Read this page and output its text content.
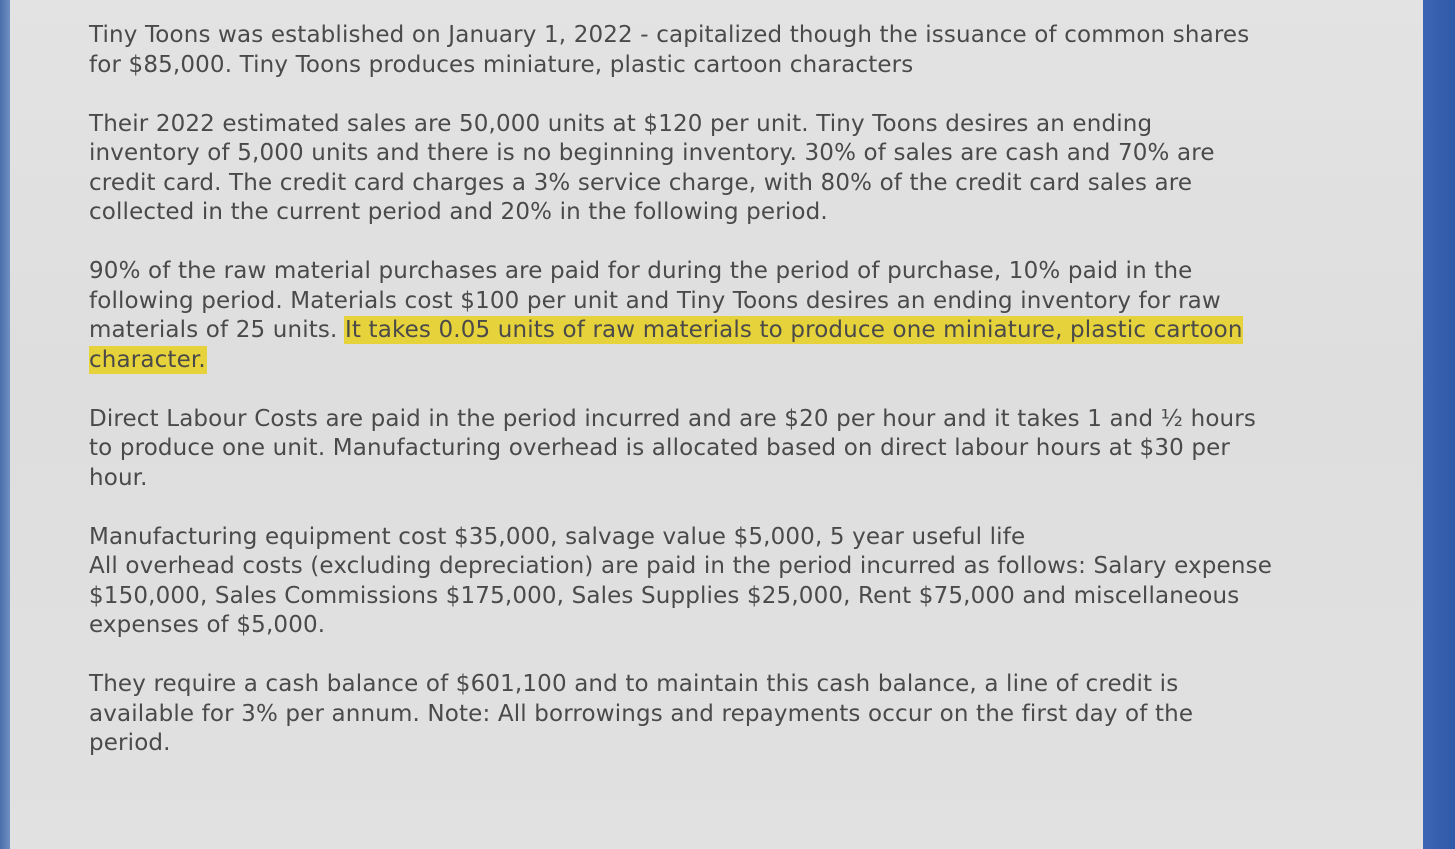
Tiny Toons was established on January 1, 2022 - capitalized though the issuance of common shares
for $85,000. Tiny Toons produces miniature, plastic cartoon characters

Their 2022 estimated sales are 50,000 units at $120 per unit. Tiny Toons desires an ending
inventory of 5,000 units and there is no beginning inventory. 30% of sales are cash and 70% are
credit card. The credit card charges a 3% service charge, with 80% of the credit card sales are
collected in the current period and 20% in the following period.

90% of the raw material purchases are paid for during the period of purchase, 10% paid in the
following period. Materials cost $100 per unit and Tiny Toons desires an ending inventory for raw
materials of 25 units. It takes 0.05 units of raw materials to produce one miniature, plastic cartoon
character.

Direct Labour Costs are paid in the period incurred and are $20 per hour and it takes 1 and ½ hours
to produce one unit. Manufacturing overhead is allocated based on direct labour hours at $30 per
hour.

Manufacturing equipment cost $35,000, salvage value $5,000, 5 year useful life
All overhead costs (excluding depreciation) are paid in the period incurred as follows: Salary expense
$150,000, Sales Commissions $175,000, Sales Supplies $25,000, Rent $75,000 and miscellaneous
expenses of $5,000.

They require a cash balance of $601,100 and to maintain this cash balance, a line of credit is
available for 3% per annum. Note: All borrowings and repayments occur on the first day of the
period.
